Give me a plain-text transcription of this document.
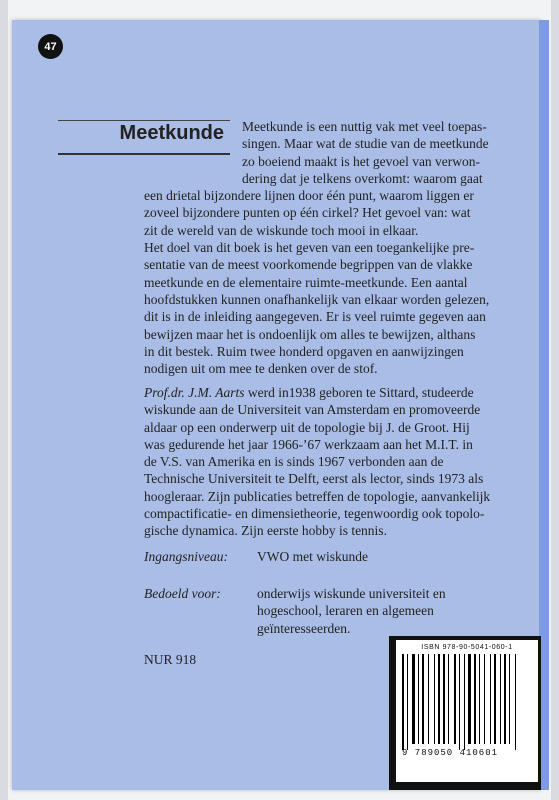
47
Meetkunde	Meetkunde is een nuttig vak met veel toepas-
singen. Maar wat de studie van de meetkunde
zo boeiend maakt is het gevoel van verwon-
dering dat je telkens overkomt: waarom gaat
een drietal bijzondere lijnen door één punt, waarom liggen er
zoveel bijzondere punten op één cirkel? Het gevoel van: wat
zit de wereld van de wiskunde toch mooi in elkaar.
Het doel van dit boek is het geven van een toegankelijke pre-
sentatie van de meest voorkomende begrippen van de vlakke
meetkunde en de elementaire ruimte-meetkunde. Een aantal
hoofdstukken kunnen onafhankelijk van elkaar worden gelezen,
dit is in de inleiding aangegeven. Er is veel ruimte gegeven aan
bewijzen maar het is ondoenlijk om alles te bewijzen, althans
in dit bestek. Ruim twee honderd opgaven en aanwijzingen
nodigen uit om mee te denken over de stof.
Prof.dr. J.M. Aarts werd in1938 geboren te Sittard, studeerde
wiskunde aan de Universiteit van Amsterdam en promoveerde
aldaar op een onderwerp uit de topologie bij J. de Groot. Hij
was gedurende het jaar 1966-’67 werkzaam aan het M.I.T. in
de V.S. van Amerika en is sinds 1967 verbonden aan de
Technische Universiteit te Delft, eerst als lector, sinds 1973 als
hoogleraar. Zijn publicaties betreffen de topologie, aanvankelijk
compactificatie- en dimensietheorie, tegenwoordig ook topolo-
gische dynamica. Zijn eerste hobby is tennis.
Ingangsniveau: VWO met wiskunde
Bedoeld voor:	onderwijs wiskunde universiteit en
hogeschool, leraren en algemeen
geïnteresseerden.
NUR 918
ISBN 978-90-5041-060-1
9 789050 410601
